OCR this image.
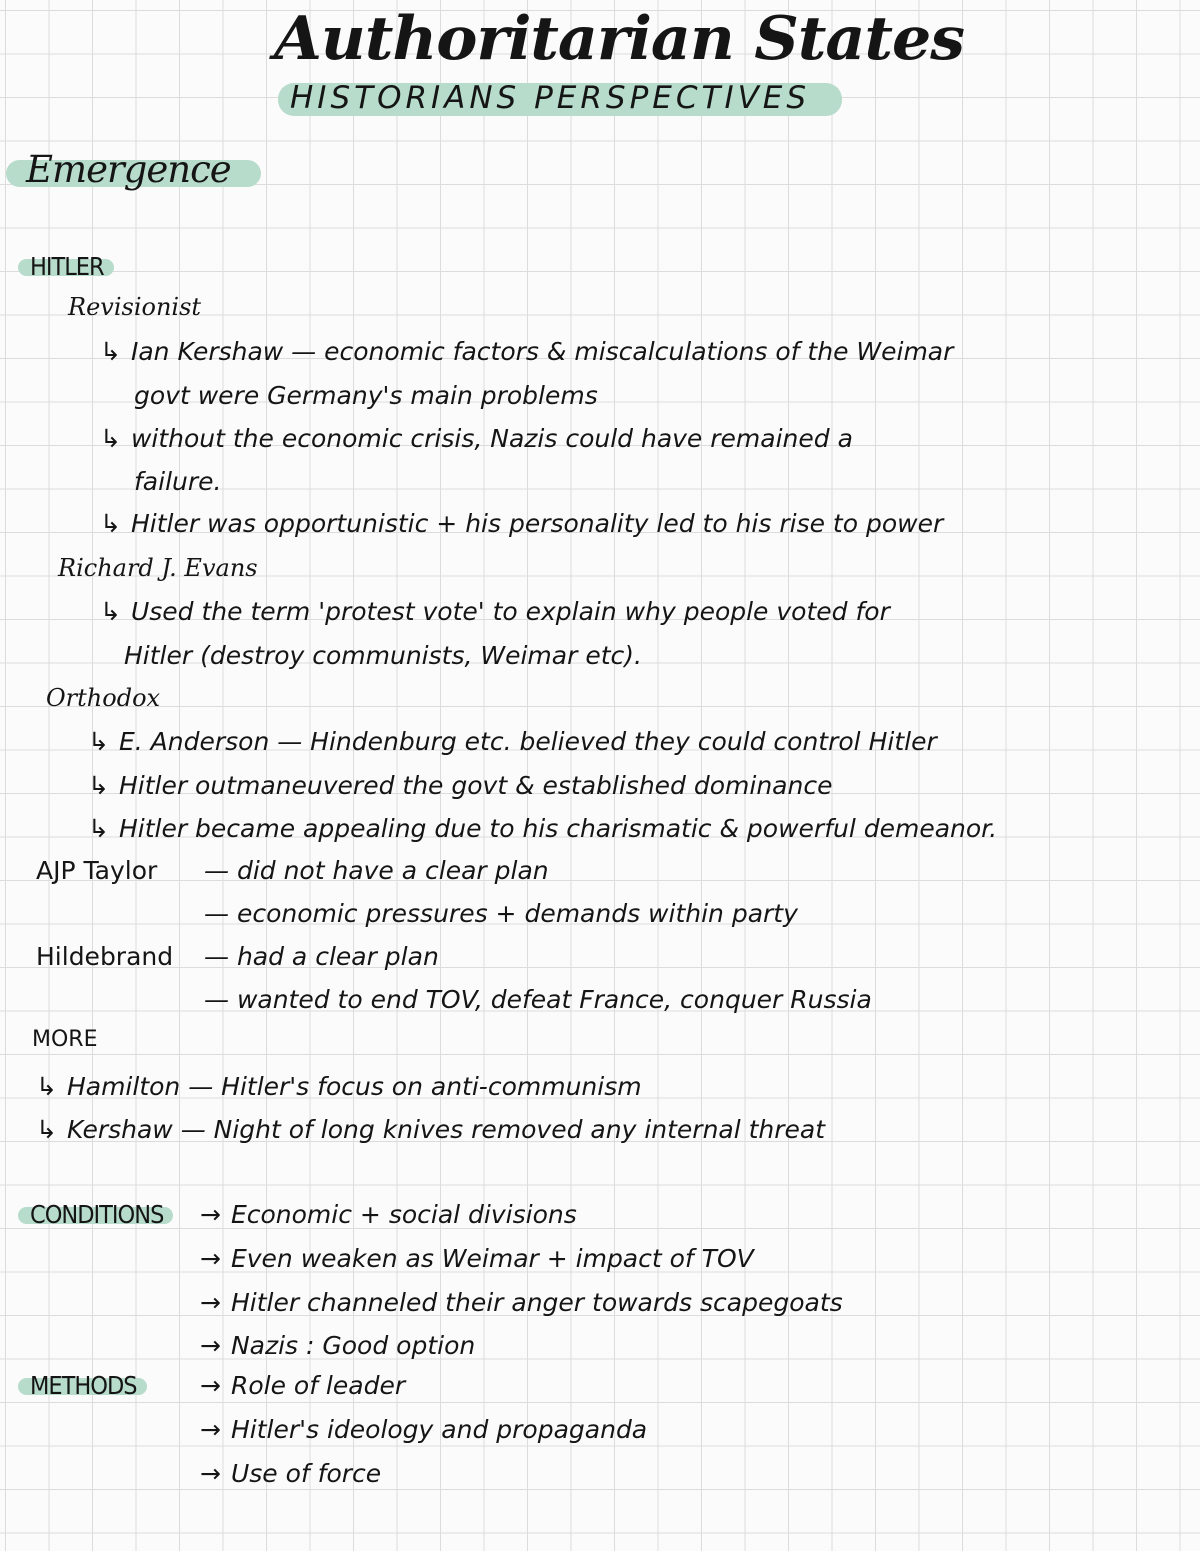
Authoritarian States
HISTORIANS PERSPECTIVES
Emergence
HITLER
Revisionist
↳ Ian Kershaw — economic factors & miscalculations of the Weimar
govt were Germany's main problems
↳ without the economic crisis, Nazis could have remained a
failure.
↳ Hitler was opportunistic + his personality led to his rise to power
Richard J. Evans
↳ Used the term 'protest vote' to explain why people voted for
Hitler (destroy communists, Weimar etc).
Orthodox
↳ E. Anderson — Hindenburg etc. believed they could control Hitler
↳ Hitler outmaneuvered the govt & established dominance
↳ Hitler became appealing due to his charismatic & powerful demeanor.
AJP Taylor — did not have a clear plan
— economic pressures + demands within party
Hildebrand — had a clear plan
— wanted to end TOV, defeat France, conquer Russia
MORE
↳ Hamilton — Hitler's focus on anti-communism
↳ Kershaw — Night of long knives removed any internal threat
CONDITIONS → Economic + social divisions
→ Even weaken as Weimar + impact of TOV
→ Hitler channeled their anger towards scapegoats
→ Nazis : Good option
METHODS	→ Role of leader
→ Hitler's ideology and propaganda
→ Use of force
